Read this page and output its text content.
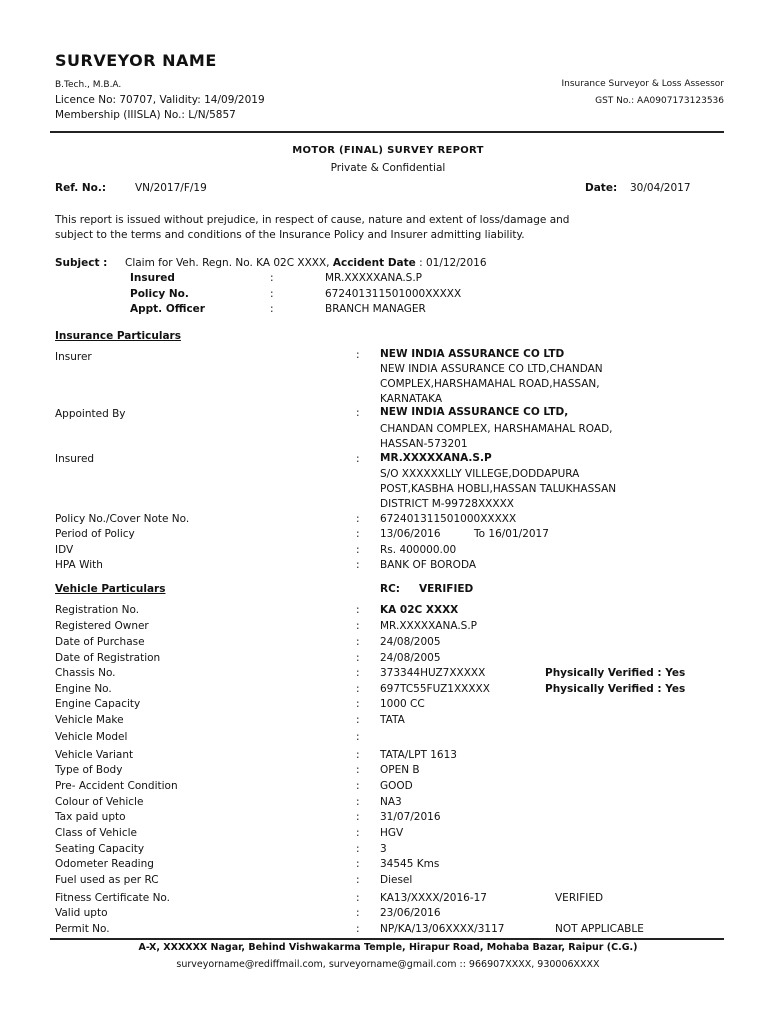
SURVEYOR NAME
B.Tech., M.B.A.
Licence No: 70707, Validity: 14/09/2019
Membership (IIISLA) No.: L/N/5857
Insurance Surveyor & Loss Assessor
GST No.: AA0907173123536
MOTOR (FINAL) SURVEY REPORT
Private & Confidential
Ref. No.:	VN/2017/F/19	Date: 30/04/2017
This report is issued without prejudice, in respect of cause, nature and extent of loss/damage and
subject to the terms and conditions of the Insurance Policy and Insurer admitting liability.
Subject : Claim for Veh. Regn. No. KA 02C XXXX, Accident Date : 01/12/2016
Insured	:	MR.XXXXXANA.S.P
Policy No.	:	672401311501000XXXXX
Appt. Officer	:	BRANCH MANAGER
Insurance Particulars
Insurer	: NEW INDIA ASSURANCE CO LTD
NEW INDIA ASSURANCE CO LTD,CHANDAN
COMPLEX,HARSHAMAHAL ROAD,HASSAN,
KARNATAKA
Appointed By	: NEW INDIA ASSURANCE CO LTD,
CHANDAN COMPLEX, HARSHAMAHAL ROAD,
HASSAN-573201
Insured	: MR.XXXXXANA.S.P
S/O XXXXXXLLY VILLEGE,DODDAPURA
POST,KASBHA HOBLI,HASSAN TALUKHASSAN
DISTRICT M-99728XXXXX
Policy No./Cover Note No.	: 672401311501000XXXXX
Period of Policy	: 13/06/2016	To 16/01/2017
IDV	: Rs. 400000.00
HPA With	: BANK OF BORODA
Vehicle Particulars	RC: VERIFIED
Registration No.	: KA 02C XXXX
Registered Owner	: MR.XXXXXANA.S.P
Date of Purchase	: 24/08/2005
Date of Registration	: 24/08/2005
Chassis No.	: 373344HUZ7XXXXX	Physically Verified : Yes
Engine No.	: 697TC55FUZ1XXXXX	Physically Verified : Yes
Engine Capacity	: 1000 CC
Vehicle Make	: TATA
Vehicle Model	:
Vehicle Variant	: TATA/LPT 1613
Type of Body	: OPEN B
Pre- Accident Condition	: GOOD
Colour of Vehicle	: NA3
Tax paid upto	: 31/07/2016
Class of Vehicle	: HGV
Seating Capacity	: 3
Odometer Reading	: 34545 Kms
Fuel used as per RC	: Diesel
Fitness Certificate No.	: KA13/XXXX/2016-17	VERIFIED
Valid upto	: 23/06/2016
Permit No.	: NP/KA/13/06XXXX/3117	NOT APPLICABLE
A-X, XXXXXX Nagar, Behind Vishwakarma Temple, Hirapur Road, Mohaba Bazar, Raipur (C.G.)
surveyorname@rediffmail.com, surveyorname@gmail.com :: 966907XXXX, 930006XXXX
